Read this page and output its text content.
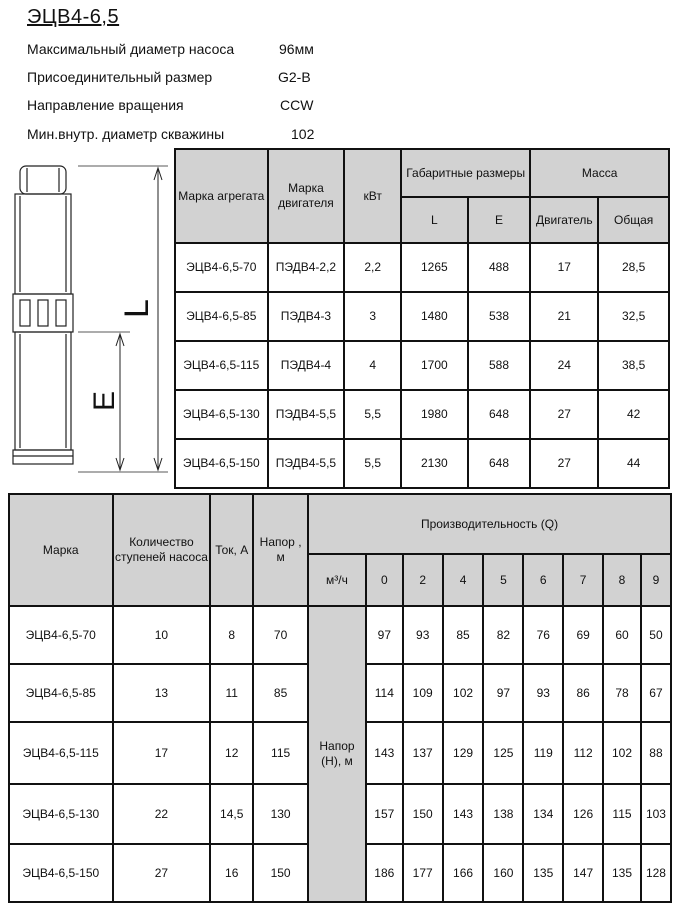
ЭЦВ4-6,5
Максимальный диаметр насоса	96мм
Присоединительный размер	G2-В
Направление вращения	CCW
Мин.внутр. диаметр скважины	102
L
E
Марка агрегата	Марка двигателя	кВт	Габаритные размеры		Масса	
			L	E	Двигатель	Общая
ЭЦВ4-6,5-70	ПЭДВ4-2,2	2,2	1265	488	17	28,5
ЭЦВ4-6,5-85	ПЭДВ4-3	3	1480	538	21	32,5
ЭЦВ4-6,5-115	ПЭДВ4-4	4	1700	588	24	38,5
ЭЦВ4-6,5-130	ПЭДВ4-5,5	5,5	1980	648	27	42
ЭЦВ4-6,5-150	ПЭДВ4-5,5	5,5	2130	648	27	44
Марка	Количество ступеней насоса	Ток, А	Напор , м	Производительность (Q)								
				м³/ч	0	2	4	5	6	7	8	9
ЭЦВ4-6,5-70	10	8	70	Напор (Н), м	97	93	85	82	76	69	60	50
ЭЦВ4-6,5-85	13	11	85		114	109	102	97	93	86	78	67
ЭЦВ4-6,5-115	17	12	115		143	137	129	125	119	112	102	88
ЭЦВ4-6,5-130	22	14,5	130		157	150	143	138	134	126	115	103
ЭЦВ4-6,5-150	27	16	150		186	177	166	160	135	147	135	128
